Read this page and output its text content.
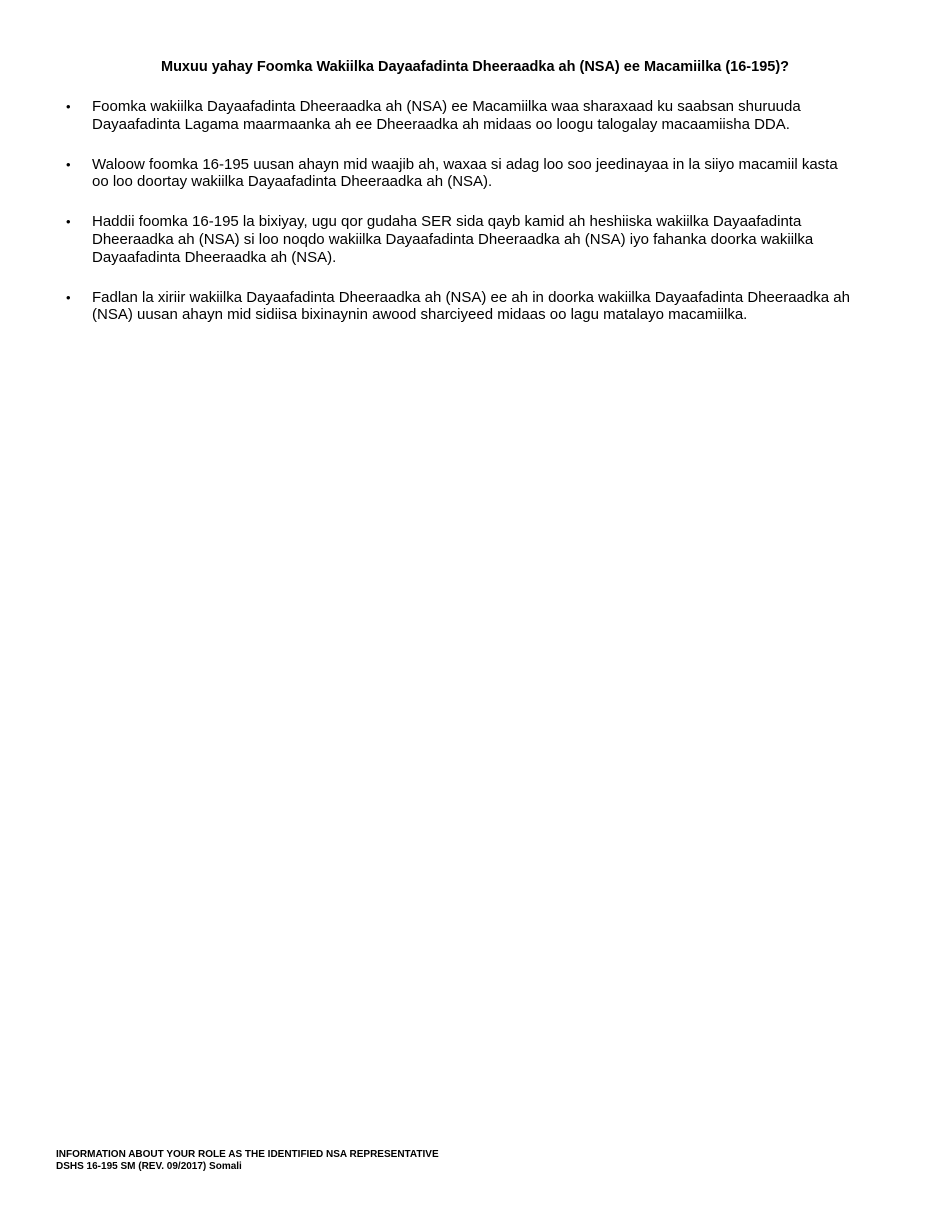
Muxuu yahay Foomka Wakiilka Dayaafadinta Dheeraadka ah (NSA) ee Macamiilka (16-195)?
• Foomka wakiilka Dayaafadinta Dheeraadka ah (NSA) ee Macamiilka waa sharaxaad ku saabsan shuruuda
Dayaafadinta Lagama maarmaanka ah ee Dheeraadka ah midaas oo loogu talogalay macaamiisha DDA.
• Waloow foomka 16-195 uusan ahayn mid waajib ah, waxaa si adag loo soo jeedinayaa in la siiyo macamiil kasta
oo loo doortay wakiilka Dayaafadinta Dheeraadka ah (NSA).
• Haddii foomka 16-195 la bixiyay, ugu qor gudaha SER sida qayb kamid ah heshiiska wakiilka Dayaafadinta
Dheeraadka ah (NSA) si loo noqdo wakiilka Dayaafadinta Dheeraadka ah (NSA) iyo fahanka doorka wakiilka
Dayaafadinta Dheeraadka ah (NSA).
• Fadlan la xiriir wakiilka Dayaafadinta Dheeraadka ah (NSA) ee ah in doorka wakiilka Dayaafadinta Dheeraadka ah
(NSA) uusan ahayn mid sidiisa bixinaynin awood sharciyeed midaas oo lagu matalayo macamiilka.
INFORMATION ABOUT YOUR ROLE AS THE IDENTIFIED NSA REPRESENTATIVE
DSHS 16-195 SM (REV. 09/2017) Somali
